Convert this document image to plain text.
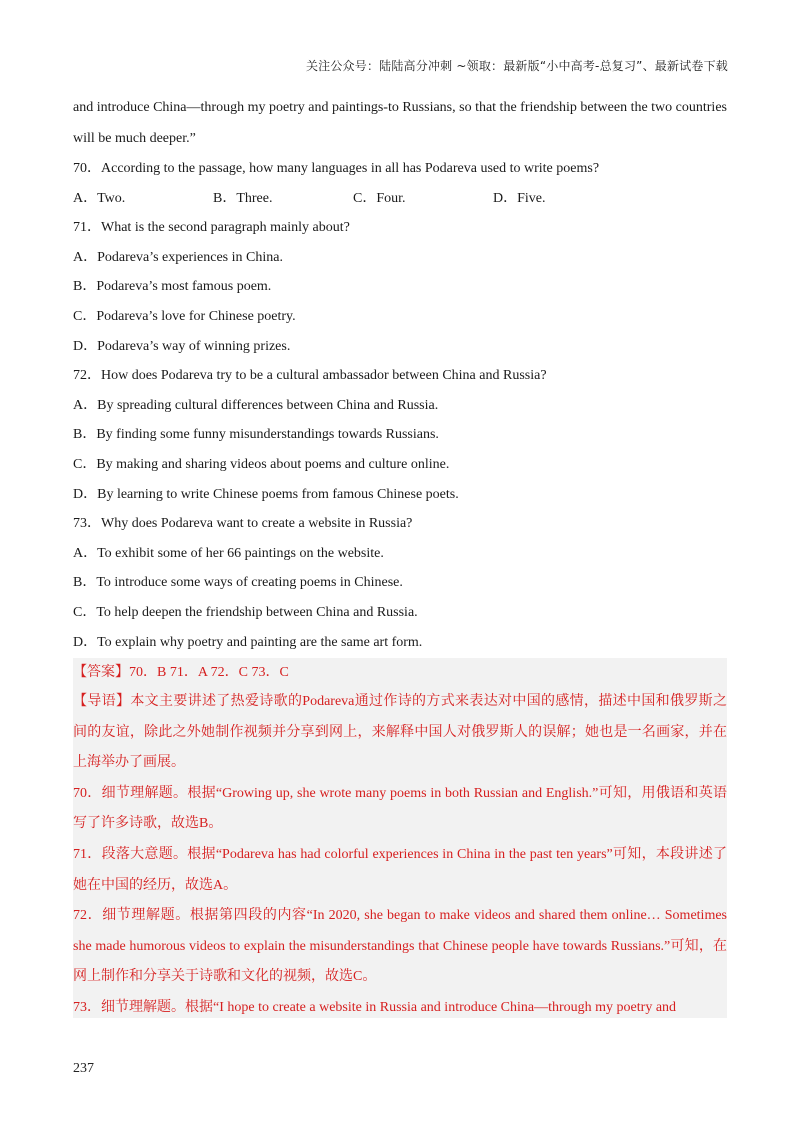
关注公众号：陆陆高分冲刺 ~领取：最新版“小中高考-总复习”、最新试卷下载
and introduce China—through my poetry and paintings-to Russians, so that the friendship between the two countries will be much deeper.”
70．According to the passage, how many languages in all has Podareva used to write poems?
A．Two.	B．Three.	C．Four.	D．Five.
71．What is the second paragraph mainly about?
A．Podareva’s experiences in China.
B．Podareva’s most famous poem.
C．Podareva’s love for Chinese poetry.
D．Podareva’s way of winning prizes.
72．How does Podareva try to be a cultural ambassador between China and Russia?
A．By spreading cultural differences between China and Russia.
B．By finding some funny misunderstandings towards Russians.
C．By making and sharing videos about poems and culture online.
D．By learning to write Chinese poems from famous Chinese poets.
73．Why does Podareva want to create a website in Russia?
A．To exhibit some of her 66 paintings on the website.
B．To introduce some ways of creating poems in Chinese.
C．To help deepen the friendship between China and Russia.
D．To explain why poetry and painting are the same art form.
【答案】70．B 71．A 72．C 73．C
【导语】本文主要讲述了热爱诗歌的Podareva通过作诗的方式来表达对中国的感情，描述中国和俄罗斯之间的友谊，除此之外她制作视频并分享到网上，来解释中国人对俄罗斯人的误解；她也是一名画家，并在上海举办了画展。
70．细节理解题。根据“Growing up, she wrote many poems in both Russian and English.”可知，用俄语和英语写了许多诗歌，故选B。
71．段落大意题。根据“Podareva has had colorful experiences in China in the past ten years”可知，本段讲述了她在中国的经历，故选A。
72．细节理解题。根据第四段的内容“In 2020, she began to make videos and shared them online… Sometimes she made humorous videos to explain the misunderstandings that Chinese people have towards Russians.”可知，在网上制作和分享关于诗歌和文化的视频，故选C。
73．细节理解题。根据“I hope to create a website in Russia and introduce China—through my poetry and
237
